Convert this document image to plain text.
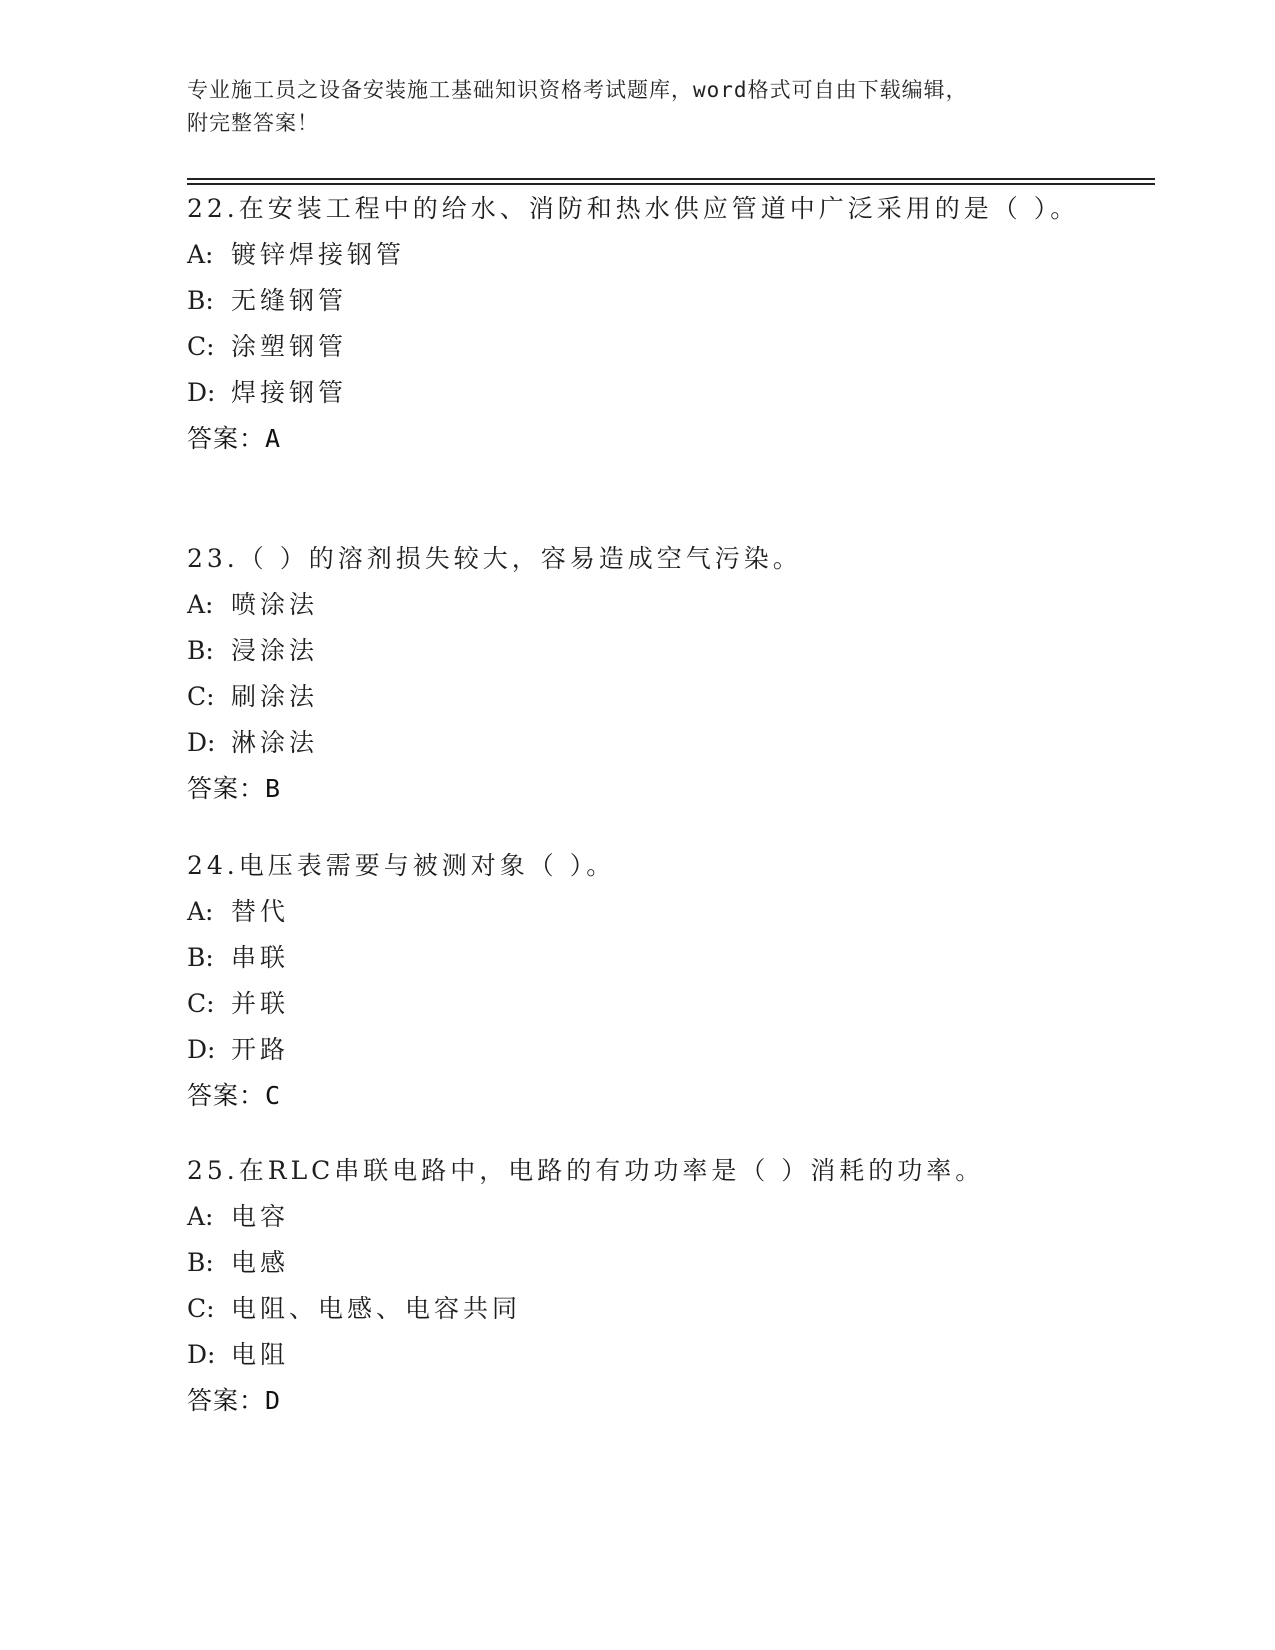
专业施工员之设备安装施工基础知识资格考试题库，word格式可自由下载编辑，
附完整答案！
22.在安装工程中的给水、消防和热水供应管道中广泛采用的是（ ）。
A: 镀锌焊接钢管
B: 无缝钢管
C: 涂塑钢管
D: 焊接钢管
答案：A
23.（ ）的溶剂损失较大，容易造成空气污染。
A: 喷涂法
B: 浸涂法
C: 刷涂法
D: 淋涂法
答案：B
24.电压表需要与被测对象（ ）。
A: 替代
B: 串联
C: 并联
D: 开路
答案：C
25.在RLC串联电路中，电路的有功功率是（ ）消耗的功率。
A: 电容
B: 电感
C: 电阻、电感、电容共同
D: 电阻
答案：D
